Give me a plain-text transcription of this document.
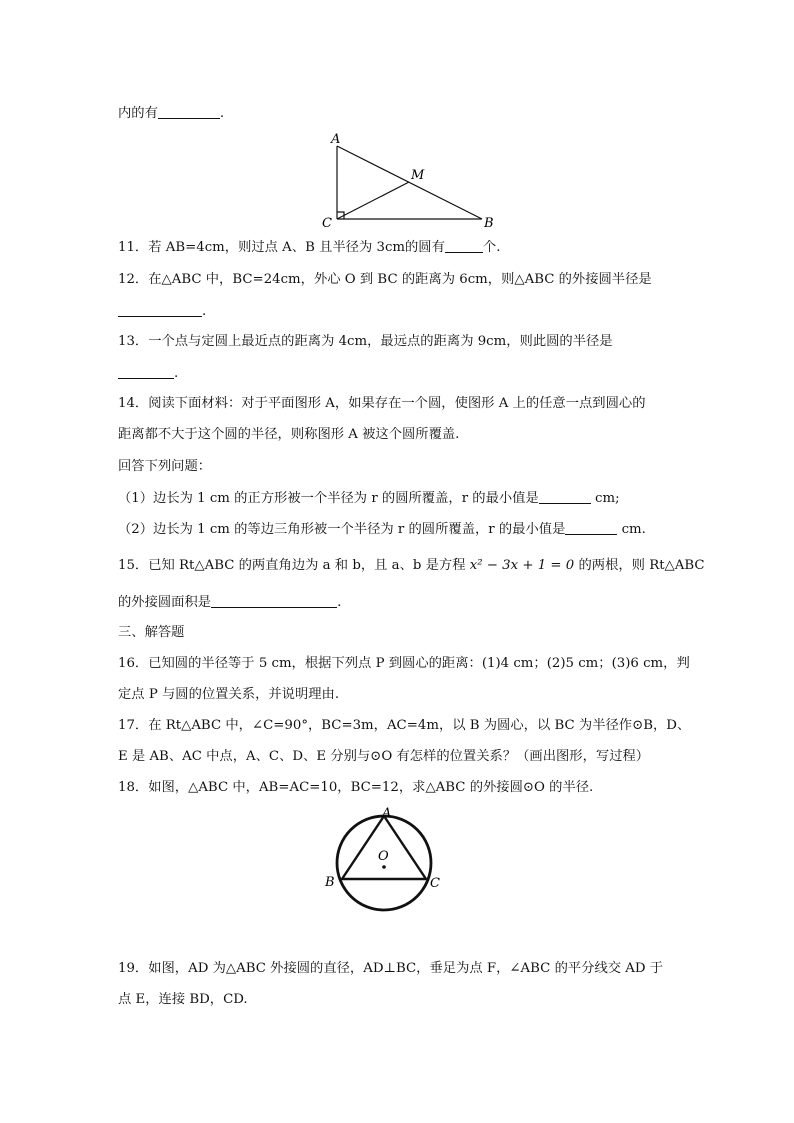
内的有	.
A
M
C	B
11．若 AB=4cm，则过点 A、B 且半径为 3cm的圆有	个.
12．在△ABC 中，BC=24cm，外心 O 到 BC 的距离为 6cm，则△ABC 的外接圆半径是
.
13．一个点与定圆上最近点的距离为 4cm，最远点的距离为 9cm，则此圆的半径是
.
14．阅读下面材料：对于平面图形 A，如果存在一个圆，使图形 A 上的任意一点到圆心的
距离都不大于这个圆的半径，则称图形 A 被这个圆所覆盖.
回答下列问题：
（1）边长为 1 cm 的正方形被一个半径为 r 的圆所覆盖，r 的最小值是	cm;
（2）边长为 1 cm 的等边三角形被一个半径为 r 的圆所覆盖，r 的最小值是	cm.
15．已知 Rt△ABC 的两直角边为 a 和 b，且 a、b 是方程 x² − 3x + 1 = 0 的两根，则 Rt△ABC
的外接圆面积是	.
三、解答题
16．已知圆的半径等于 5 cm，根据下列点 P 到圆心的距离：(1)4 cm；(2)5 cm；(3)6 cm，判
定点 P 与圆的位置关系，并说明理由.
17．在 Rt△ABC 中，∠C=90°，BC=3m，AC=4m，以 B 为圆心，以 BC 为半径作⊙B，D、
E 是 AB、AC 中点，A、C、D、E 分别与⊙O 有怎样的位置关系？（画出图形，写过程）
18．如图，△ABC 中，AB=AC=10，BC=12，求△ABC 的外接圆⊙O 的半径.
A
O
B	C
19．如图，AD 为△ABC 外接圆的直径，AD⊥BC，垂足为点 F，∠ABC 的平分线交 AD 于
点 E，连接 BD，CD.
